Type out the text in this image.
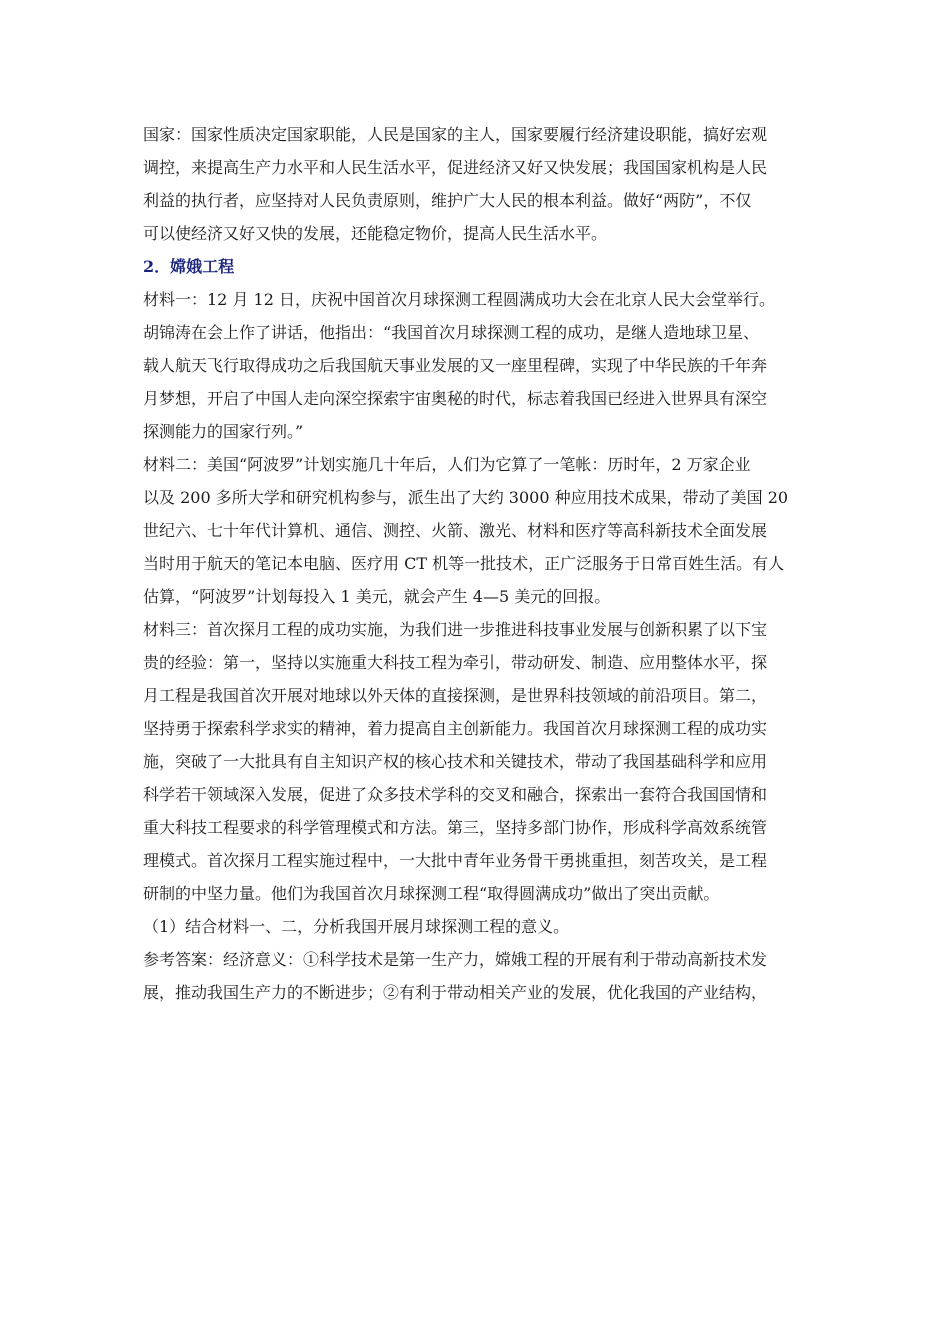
国家：国家性质决定国家职能，人民是国家的主人，国家要履行经济建设职能，搞好宏观
调控，来提高生产力水平和人民生活水平，促进经济又好又快发展；我国国家机构是人民
利益的执行者，应坚持对人民负责原则，维护广大人民的根本利益。做好“两防”，不仅
可以使经济又好又快的发展，还能稳定物价，提高人民生活水平。
2．嫦娥工程
材料一：12 月 12 日，庆祝中国首次月球探测工程圆满成功大会在北京人民大会堂举行。
胡锦涛在会上作了讲话，他指出：“我国首次月球探测工程的成功，是继人造地球卫星、
载人航天飞行取得成功之后我国航天事业发展的又一座里程碑，实现了中华民族的千年奔
月梦想，开启了中国人走向深空探索宇宙奥秘的时代，标志着我国已经进入世界具有深空
探测能力的国家行列。”
材料二：美国“阿波罗”计划实施几十年后，人们为它算了一笔帐：历时年，2 万家企业
以及 200 多所大学和研究机构参与，派生出了大约 3000 种应用技术成果，带动了美国 20
世纪六、七十年代计算机、通信、测控、火箭、激光、材料和医疗等高科新技术全面发展
当时用于航天的笔记本电脑、医疗用 CT 机等一批技术，正广泛服务于日常百姓生活。有人
估算，“阿波罗”计划每投入 1 美元，就会产生 4—5 美元的回报。
材料三：首次探月工程的成功实施，为我们进一步推进科技事业发展与创新积累了以下宝
贵的经验：第一，坚持以实施重大科技工程为牵引，带动研发、制造、应用整体水平，探
月工程是我国首次开展对地球以外天体的直接探测，是世界科技领域的前沿项目。第二，
坚持勇于探索科学求实的精神，着力提高自主创新能力。我国首次月球探测工程的成功实
施，突破了一大批具有自主知识产权的核心技术和关键技术，带动了我国基础科学和应用
科学若干领域深入发展，促进了众多技术学科的交叉和融合，探索出一套符合我国国情和
重大科技工程要求的科学管理模式和方法。第三，坚持多部门协作，形成科学高效系统管
理模式。首次探月工程实施过程中，一大批中青年业务骨干勇挑重担，刻苦攻关，是工程
研制的中坚力量。他们为我国首次月球探测工程“取得圆满成功”做出了突出贡献。
（1）结合材料一、二，分析我国开展月球探测工程的意义。
参考答案：经济意义：①科学技术是第一生产力，嫦娥工程的开展有利于带动高新技术发
展，推动我国生产力的不断进步；②有利于带动相关产业的发展，优化我国的产业结构，
